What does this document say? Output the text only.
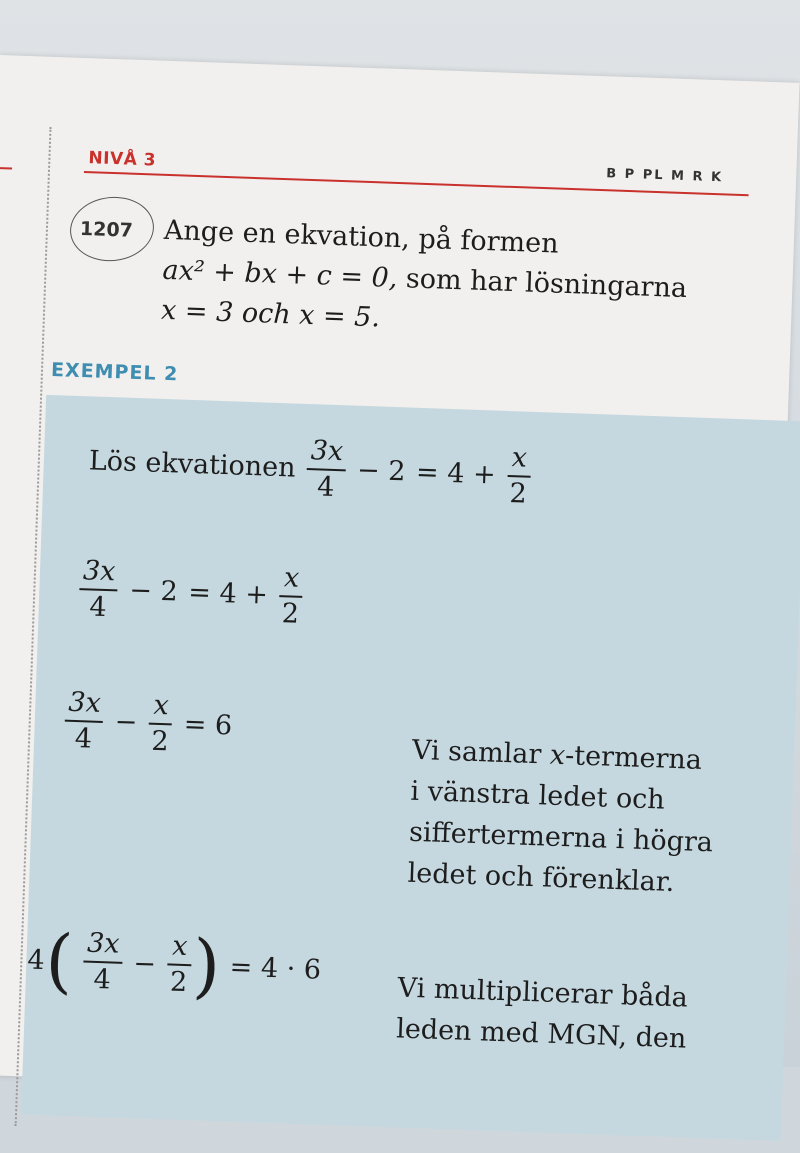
NIVÅ 3
B P PL M R K
1207 Ange en ekvation, på formen
ax² + bx + c = 0, som har lösningarna
x = 3 och x = 5.
EXEMPEL 2
Lös ekvationen $\frac{3x}{4} - 2 = 4 + \frac{x}{2}$
$\frac{3x}{4} - 2 = 4 + \frac{x}{2}$
$\frac{3x}{4} - \frac{x}{2} = 6$
Vi samlar x-termerna
i vänstra ledet och
siffertermerna i högra
ledet och förenklar.
$4( \frac{3x}{4} - \frac{x}{2}$ ) = 4 · 6
Vi multiplicerar båda
leden med MGN, den
